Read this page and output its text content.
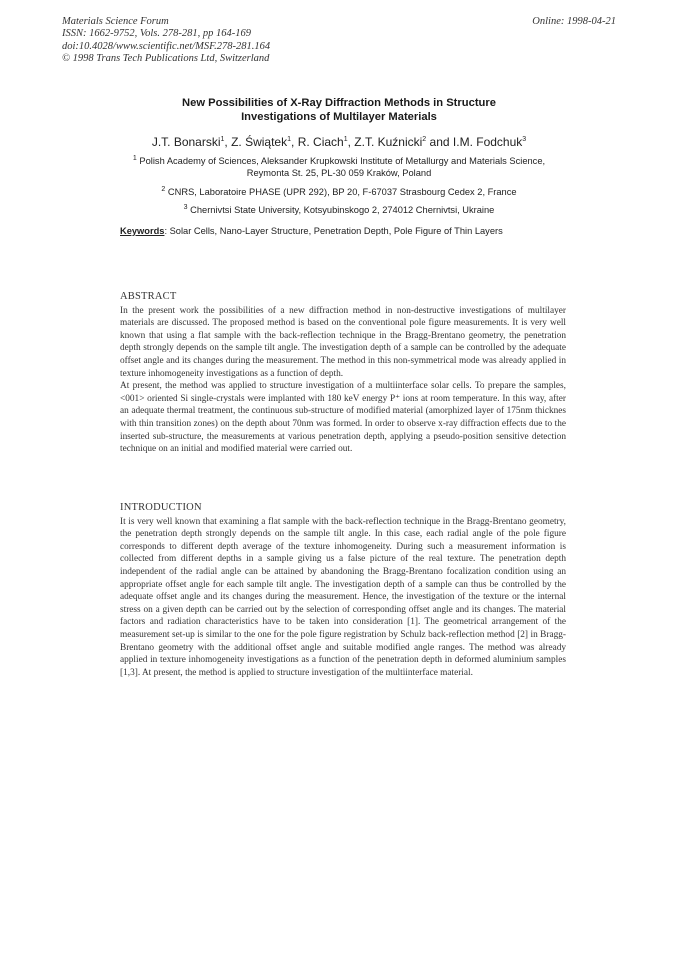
Materials Science Forum
ISSN: 1662-9752, Vols. 278-281, pp 164-169
doi:10.4028/www.scientific.net/MSF.278-281.164
© 1998 Trans Tech Publications Ltd, Switzerland
Online: 1998-04-21
New Possibilities of X-Ray Diffraction Methods in Structure
Investigations of Multilayer Materials
J.T. Bonarski$^1$, Z. Świątek$^1$, R. Ciach$^1$, Z.T. Kuźnicki$^2$ and I.M. Fodchuk$^3$
$^1$ Polish Academy of Sciences, Aleksander Krupkowski Institute of Metallurgy and Materials Science, Reymonta St. 25, PL-30 059 Kraków, Poland
$^2$ CNRS, Laboratoire PHASE (UPR 292), BP 20, F-67037 Strasbourg Cedex 2, France
$^3$ Chernivtsi State University, Kotsyubinskogo 2, 274012 Chernivtsi, Ukraine
Keywords: Solar Cells, Nano-Layer Structure, Penetration Depth, Pole Figure of Thin Layers
ABSTRACT

In the present work the possibilities of a new diffraction method in non-destructive investigations of multilayer materials are discussed. The proposed method is based on the conventional pole figure measurements. It is very well known that using a flat sample with the back-reflection technique in the Bragg-Brentano geometry, the penetration depth strongly depends on the sample tilt angle. The investigation depth of a sample can be controlled by the adequate offset angle and its changes during the measurement. The method in this non-symmetrical mode was already applied in texture inhomogeneity investigations as a function of depth.

At present, the method was applied to structure investigation of a multiinterface solar cells. To prepare the samples, <001> oriented Si single-crystals were implanted with 180 keV energy P⁺ ions at room temperature. In this way, after an adequate thermal treatment, the continuous sub-structure of modified material (amorphized layer of 175nm thicknes with thin transition zones) on the depth about 70nm was formed. In order to observe x-ray diffraction effects due to the inserted sub-structure, the measurements at various penetration depth, applying a pseudo-position sensitive detection technique on an initial and modified material were carried out.

INTRODUCTION

It is very well known that examining a flat sample with the back-reflection technique in the Bragg-Brentano geometry, the penetration depth strongly depends on the sample tilt angle. In this case, each radial angle of the pole figure corresponds to different depth average of the texture inhomogeneity. During such a measurement information is collected from different depths in a sample giving us a false picture of the real texture. The penetration depth independent of the radial angle can be attained by abandoning the Bragg-Brentano focalization condition using an appropriate offset angle for each sample tilt angle. The investigation depth of a sample can thus be controlled by the adequate offset angle and its changes during the measurement. Hence, the investigation of the texture or the internal stress on a given depth can be carried out by the selection of corresponding offset angle and its changes. The material factors and radiation characteristics have to be taken into consideration [1]. The geometrical arrangement of the measurement set-up is similar to the one for the pole figure registration by Schulz back-reflection method [2] in Bragg-Brentano geometry with the additional offset angle and suitable modified angle ranges. The method was already applied in texture inhomogeneity investigations as a function of the penetration depth in deformed aluminium samples [1,3]. At present, the method is applied to structure investigation of the multiinterface material.
